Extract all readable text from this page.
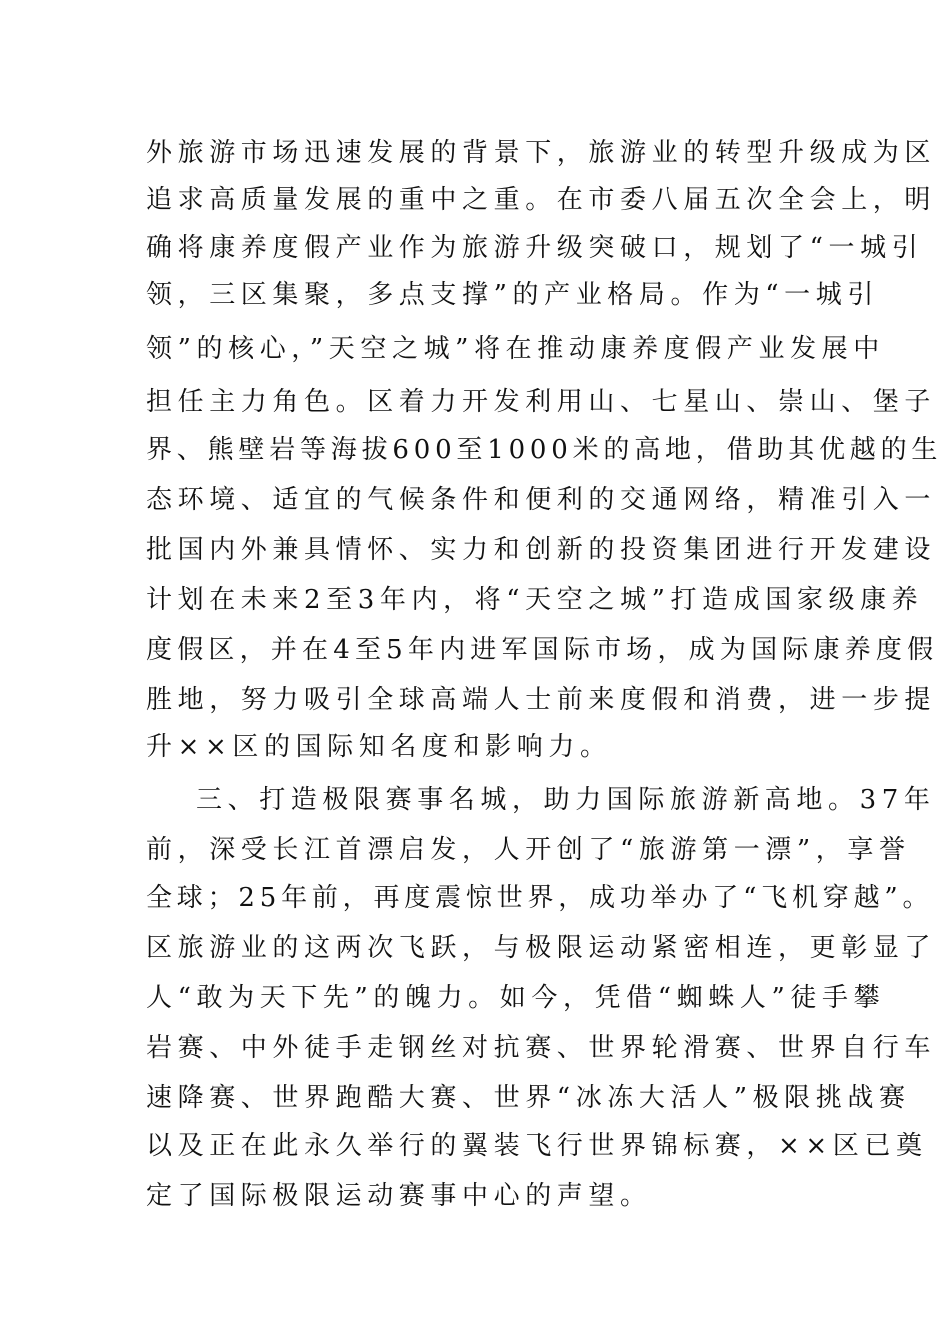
外旅游市场迅速发展的背景下，旅游业的转型升级成为区
追求高质量发展的重中之重。在市委八届五次全会上，明
确将康养度假产业作为旅游升级突破口，规划了“一城引
领，三区集聚，多点支撑”的产业格局。作为“一城引
领”的核心，”天空之城”将在推动康养度假产业发展中
担任主力角色。区着力开发利用山、七星山、崇山、堡子
界、熊壁岩等海拔600至1000米的高地，借助其优越的生
态环境、适宜的气候条件和便利的交通网络，精准引入一
批国内外兼具情怀、实力和创新的投资集团进行开发建设
计划在未来2至3年内，将“天空之城”打造成国家级康养
度假区，并在4至5年内进军国际市场，成为国际康养度假
胜地，努力吸引全球高端人士前来度假和消费，进一步提
升××区的国际知名度和影响力。
三、打造极限赛事名城，助力国际旅游新高地。37年
前，深受长江首漂启发，人开创了“旅游第一漂”，享誉
全球；25年前，再度震惊世界，成功举办了“飞机穿越”。
区旅游业的这两次飞跃，与极限运动紧密相连，更彰显了
人“敢为天下先”的魄力。如今，凭借“蜘蛛人”徒手攀
岩赛、中外徒手走钢丝对抗赛、世界轮滑赛、世界自行车
速降赛、世界跑酷大赛、世界“冰冻大活人”极限挑战赛
以及正在此永久举行的翼装飞行世界锦标赛，××区已奠
定了国际极限运动赛事中心的声望。
